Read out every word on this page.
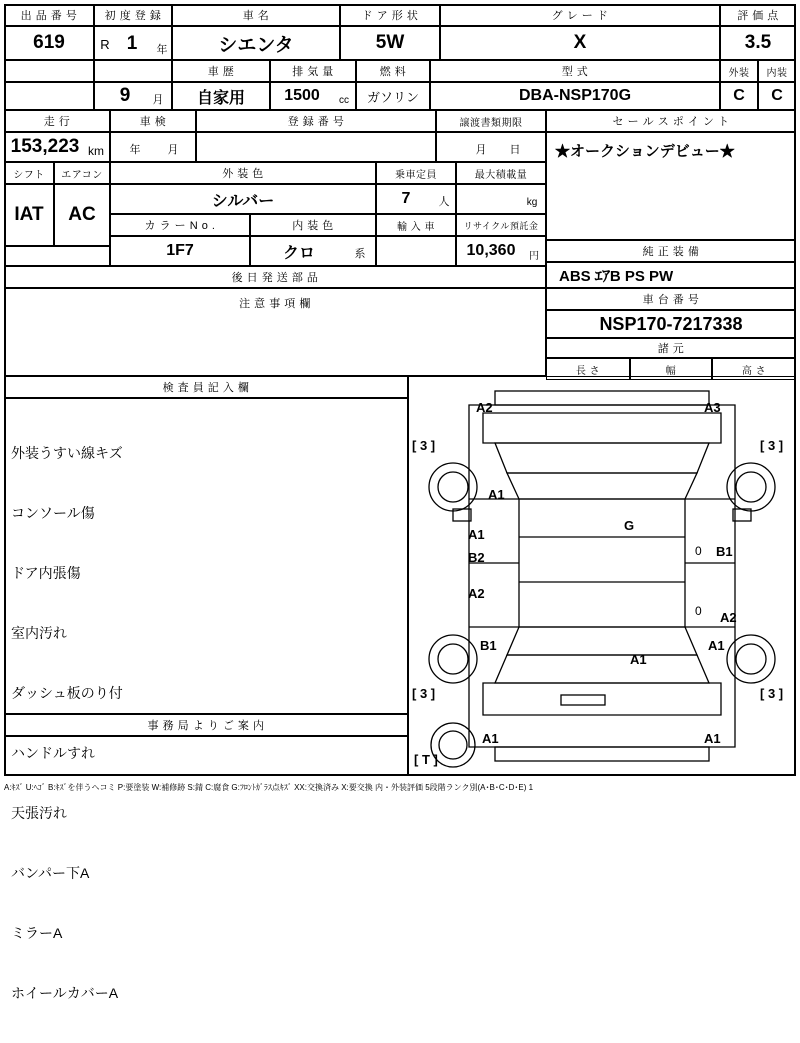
出 品 番 号	初 度 登 録	車 名	ド ア 形 状	グ レ ー ド	評 価 点
619	R 1	年	シエンタ	5W	X	3.5
車 歴	排 気 量	燃 料	型 式	外装	内装
9	月	自家用	1500	cc	ガソリン	DBA-NSP170G	C	C
走 行	車 検	登 録 番 号	譲渡書類期限
153,223 km	年	月	月	日
シフト	エアコン	外 装 色	乗車定員	最大積載量
IAT	AC
シルバー	7	人	kg
カ ラ ー N o .	内 装 色	輸 入 車	リサイクル預託金
1F7	クロ	系	10,360	円
後 日 発 送 部 品
注 意 事 項 欄
セ ー ル ス ポ イ ン ト
★オークションデビュー★
純 正 装 備
ABS ｴｱB PS PW
車 台 番 号
NSP170-7217338
諸 元
長 さ	幅	高 さ
検 査 員 記 入 欄

外装うすい線キズ

コンソール傷

ドア内張傷

室内汚れ

ダッシュ板のり付

ハンドルすれ

天張汚れ

バンパー下A

ミラーA

ホイールカバーA

事 務 局 よ り ご 案 内
A2	A3
[ 3 ]	[ 3 ]
A1
A1
G
B2	B1
A2
A2
B1	A1
A1
[ 3 ]	[ 3 ]
A1	A1
[ T ]
0
0
A:ｷｽﾞ U:ﾍｺﾞ B:ｷｽﾞを伴うヘコミ P:要塗装 W:補修跡 S:錆 C:腐食 G:ﾌﾛﾝﾄｶﾞﾗｽ点ｷｽﾞ XX:交換済み X:要交換 内・外装評価 5段階ランク別(A･B･C･D･E) 1
